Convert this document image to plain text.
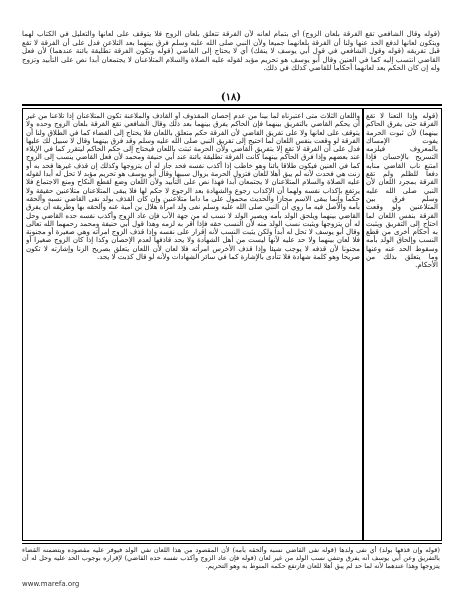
(قوله وقال الشافعي تقع الفرقة بلعان الزوج) أي بتمام لعانه لأن الفرقة تتعلق بلعان الزوج فلا يتوقف على لعانها والتعليل في الكتاب لهما ويتكون لعانها لدفع الحد عنها ولنا أن الفرقة بلعانهما جميعا ولأن النبي صلى الله عليه وسلم فرق بينهما بعد التلاعن فدل على أن الفرقة لا تقع قبل تفريقه (قوله وقول الشافعي في قول أبي يوسف لا ينفك) أي لا يحتاج إلى القاضي (قوله وتكون الفرقة تطليقة بائنة عندهما) لأن فعل القاضي انتسب إليه كما في العنين وقال أبو يوسف هو تحريم مؤبد لقوله عليه الصلاة والسلام المتلاعنان لا يجتمعان أبدا نص على التأبيد وتزوج وله إن كان الحكم بعد لعانهما أحكاما للقاضي كذلك في ذلك.
(١٨)
واللعان الثلاث متى اعتبرناه لما بينا من عدم إحصان المقذوف أو القاذف والملاعنة تكون المتلاعنان إذا تلاعنا من غير أن يحكم القاضي بالتفريق بينهما فإن الحاكم يفرق بينهما بعد ذلك وقال الشافعي تقع الفرقة بلعان الزوج وحده ولا يتوقف على لعانها ولا على تفريق القاضي لأن الفرقة حكم متعلق باللعان فلا يحتاج إلى القضاء كما في الطلاق ولنا أن الفرقة لو وقعت بنفس اللعان لما احتيج إلى تفريق النبي صلى الله عليه وسلم وقد فرق بينهما وقال لا سبيل لك عليها فدل على أن الفرقة لا تقع إلا بتفريق القاضي ولأن الحرمة ثبتت باللعان فيحتاج إلى حكم الحاكم ليتقرر كما في الإيلاء عند بعضهم وإذا فرق الحاكم بينهما كانت الفرقة تطليقة بائنة عند أبي حنيفة ومحمد لأن فعل القاضي ينسب إلى الزوج كما في العنين فيكون طلاقا بائنا وهو خاطب إذا أكذب نفسه فحد جاز له أن يتزوجها وكذلك إن قذف غيرها فحد به أو زنت هي فحدت لأنه لم يبق أهلا للعان فتزول الحرمة بزوال سببها وقال أبو يوسف هو تحريم مؤبد لا تحل له أبدا لقوله عليه الصلاة والسلام المتلاعنان لا يجتمعان أبدا فهذا نص على التأبيد ولأن اللعان وضع لقطع النكاح ومنع الاجتماع فلا يرتفع بإكذاب نفسه ولهما أن الإكذاب رجوع والشهادة بعد الرجوع لا حكم لها فلا يبقى المتلاعنان متلاعنين حقيقة ولا حكما وإنما يبقى الاسم مجازا والحديث محمول على ما داما متلاعنين وإن كان القذف بولد نفى القاضي نسبه وألحقه بأمه والأصل فيه ما روي أن النبي صلى الله عليه وسلم نفى ولد امرأة هلال بن أمية عنه وألحقه بها وطريقه أن يفرق القاضي بينهما ويلحق الولد بأمه ويصير الولد لا نسب له من جهة الأب فإن عاد الزوج وأكذب نفسه حده القاضي وحل له أن يتزوجها ويثبت نسب الولد منه لأن النسب حقه فإذا أقر به لزمه وهذا قول أبي حنيفة ومحمد رحمهما الله تعالى وقال أبو يوسف لا تحل له أبدا ولكن يثبت النسب لأنه إقرار على نفسه وإذا قذف الزوج امرأته وهي صغيرة أو مجنونة فلا لعان بينهما ولا حد عليه لأنها ليست من أهل الشهادة ولا يحد قاذفها لعدم الإحصان وكذا إذا كان الزوج صغيرا أو مجنونا لأن قذفه لا يوجب شيئا وإذا قذف الأخرس امرأته فلا لعان لأن اللعان يتعلق بصريح الزنا وإشارته لا تكون صريحا وهو كلمة شهادة فلا تتأدى بالإشارة كما في سائر الشهادات ولأنه لو قال كذبت لا يحد.
(قوله وإذا التعنا لا تقع الفرقة حتى يفرق الحاكم بينهما) لأن ثبوت الحرمة يفوت الإمساك بالمعروف فيلزمه التسريح بالإحسان فإذا امتنع ناب القاضي منابه دفعا للظلم ولم تقع الفرقة بمجرد اللعان لأن النبي صلى الله عليه وسلم فرق بين المتلاعنين ولو وقعت الفرقة بنفس اللعان لما احتاج إلى التفريق ويثبت به أحكام أخرى من قطع النسب وإلحاق الولد بأمه وسقوط الحد عنه وعنها وما يتعلق بذلك من الأحكام.
(قوله وإن قذفها بولد) أي نفى ولدها (قوله نفى القاضي نسبه وألحقه بأمه) لأن المقصود من هذا اللعان نفي الولد فيوفر عليه مقصوده ويتضمنه القضاء بالتفريق وعن أبي يوسف أنه يفرق وتنفي نسب الولد من غير لعان (قوله فإن عاد الزوج وأكذب نفسه حده القاضي) لإقراره بوجوب الحد عليه وحل له أن يتزوجها وهذا عندهما لأنه لما حد لم يبق أهلا للعان فارتفع حكمه المنوط به وهو التحريم.
www.marefa.org
